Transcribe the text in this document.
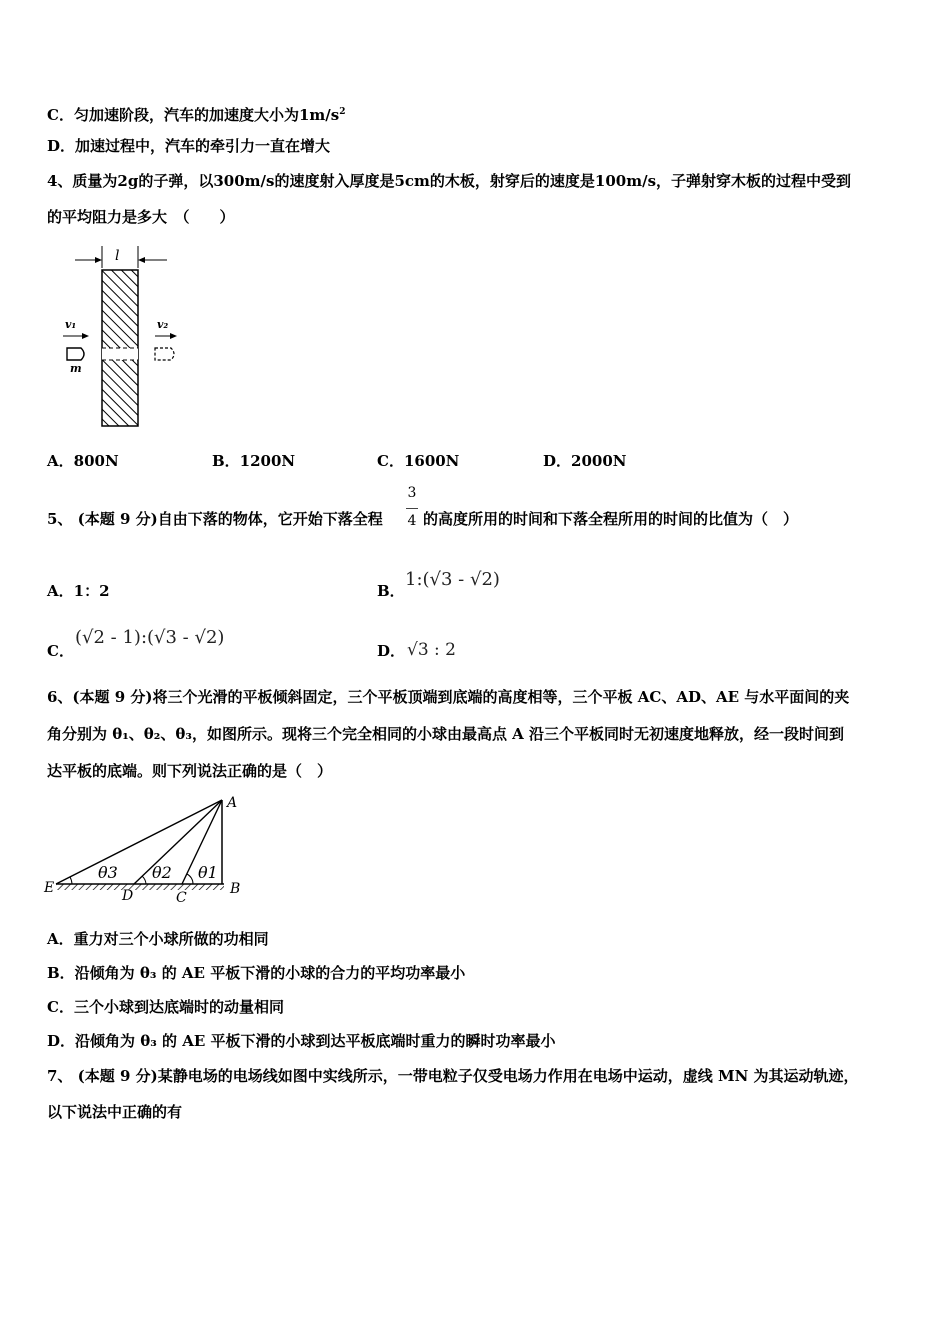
C．匀加速阶段，汽车的加速度大小为$1m/s^2$
D．加速过程中，汽车的牵引力一直在增大
4、质量为2g的子弹，以300m/s的速度射入厚度是5cm的木板，射穿后的速度是100m/s，子弹射穿木板的过程中受到
的平均阻力是多大　（　　）
l
v₁
m
v₂
A．800N	B．1200N	C．1600N	D．2000N
5、 (本题 9 分)自由下落的物体，它开始下落全程
3
4 的高度所用的时间和下落全程所用的时间的比值为（　）
A．1：2	B．
1:(√3 - √2)
C．
(√2 - 1):(√3 - √2)
D． √3 : 2
6、(本题 9 分)将三个光滑的平板倾斜固定，三个平板顶端到底端的高度相等，三个平板 AC、AD、AE 与水平面间的夹
角分别为 θ₁、θ₂、θ₃，如图所示。现将三个完全相同的小球由最高点 A 沿三个平板同时无初速度地释放，经一段时间到
达平板的底端。则下列说法正确的是（　）
A
B
C
D
E
θ3 θ2 θ1
A．重力对三个小球所做的功相同
B．沿倾角为 θ₃ 的 AE 平板下滑的小球的合力的平均功率最小
C．三个小球到达底端时的动量相同
D．沿倾角为 θ₃ 的 AE 平板下滑的小球到达平板底端时重力的瞬时功率最小
7、 (本题 9 分)某静电场的电场线如图中实线所示，一带电粒子仅受电场力作用在电场中运动，虚线 MN 为其运动轨迹，
以下说法中正确的有
